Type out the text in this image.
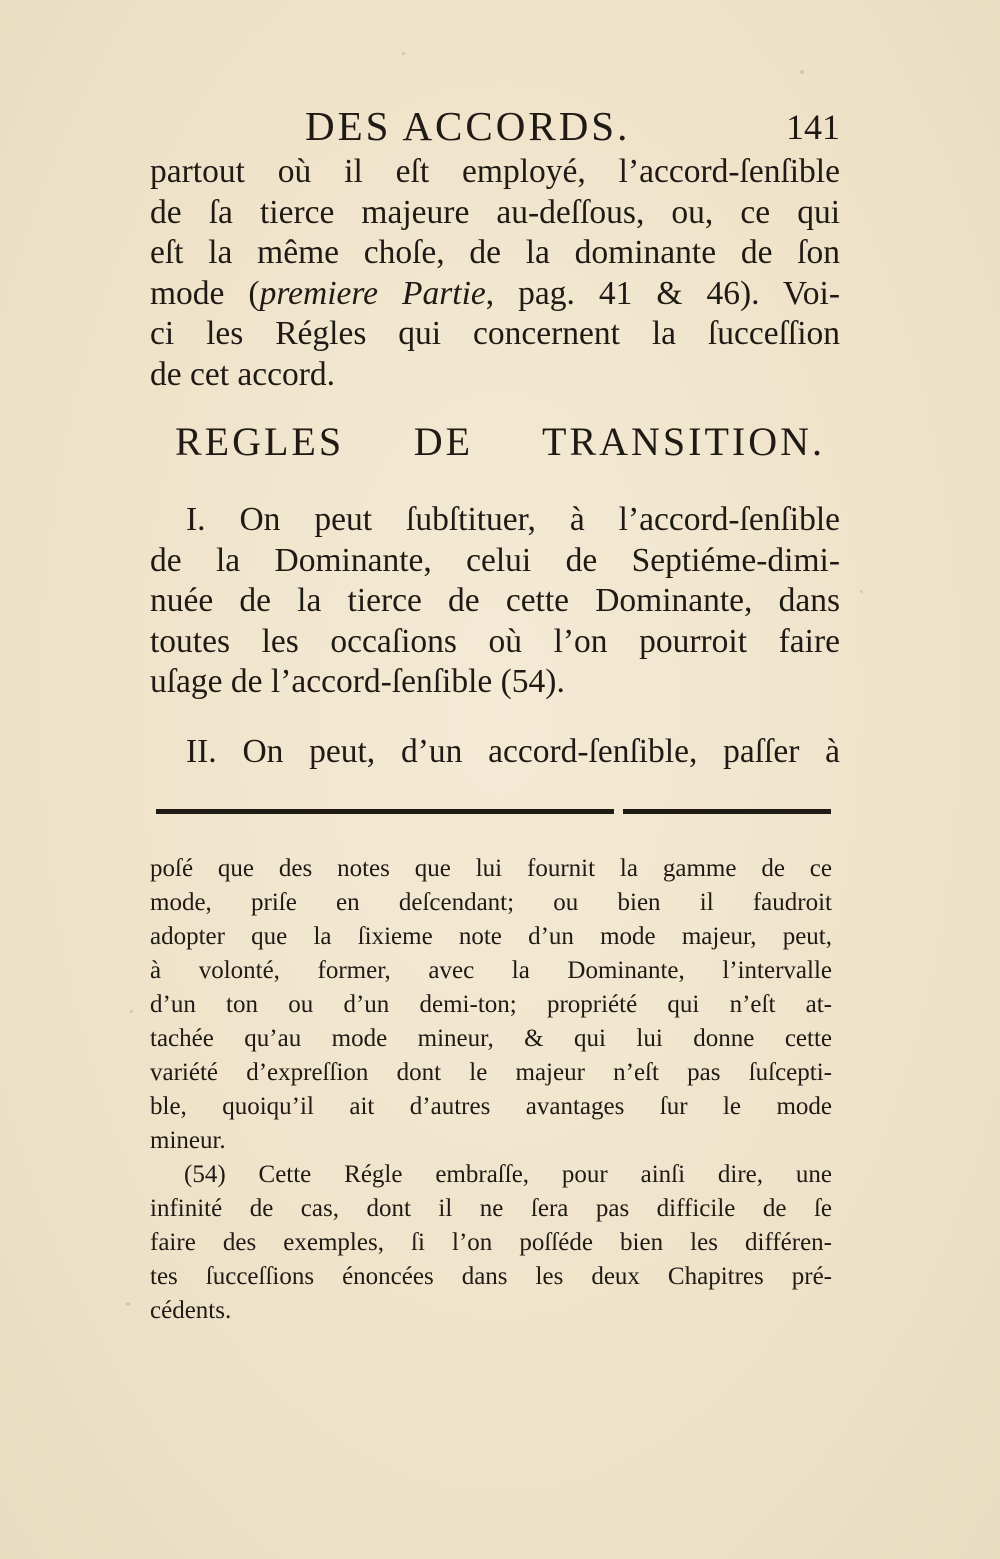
DES ACCORDS.	141
partout où il eſt employé, l’accord-ſenſible
de ſa tierce majeure au-deſſous, ou, ce qui
eſt la même choſe, de la dominante de ſon
mode (premiere Partie, pag. 41 & 46). Voi-
ci les Régles qui concernent la ſucceſſion
de cet accord.
REGLES DE TRANSITION.
I. On peut ſubſtituer, à l’accord-ſenſible
de la Dominante, celui de Septiéme-dimi-
nuée de la tierce de cette Dominante, dans
toutes les occaſions où l’on pourroit faire
uſage de l’accord-ſenſible (54).
II. On peut, d’un accord-ſenſible, paſſer à
poſé que des notes que lui fournit la gamme de ce
mode, priſe en deſcendant; ou bien il faudroit
adopter que la ſixieme note d’un mode majeur, peut,
à volonté, former, avec la Dominante, l’intervalle
d’un ton ou d’un demi-ton; propriété qui n’eſt at-
tachée qu’au mode mineur, & qui lui donne cette
variété d’expreſſion dont le majeur n’eſt pas ſuſcepti-
ble, quoiqu’il ait d’autres avantages ſur le mode
mineur.
(54) Cette Régle embraſſe, pour ainſi dire, une
infinité de cas, dont il ne ſera pas difficile de ſe
faire des exemples, ſi l’on poſſéde bien les différen-
tes ſucceſſions énoncées dans les deux Chapitres pré-
cédents.
